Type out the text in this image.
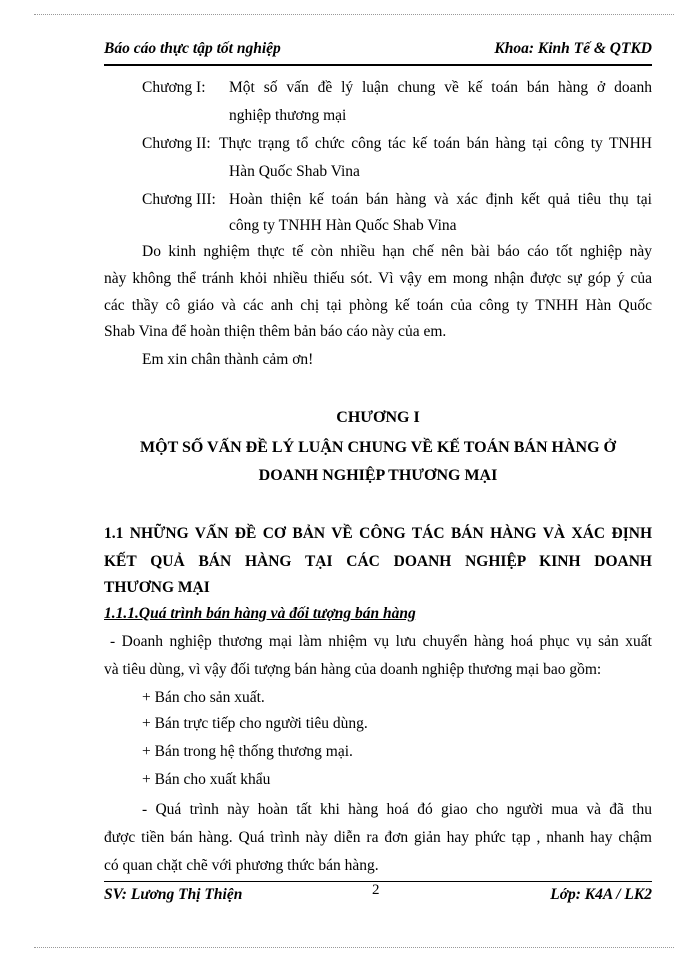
Báo cáo thực tập tốt nghiệp	Khoa: Kinh Tế & QTKD
Chương I: Một số vấn đề lý luận chung về kế toán bán hàng ở doanh
nghiệp thương mại
Chương II: Thực trạng tổ chức công tác kế toán bán hàng tại công ty TNHH
Hàn Quốc Shab Vina
Chương III: Hoàn thiện kế toán bán hàng và xác định kết quả tiêu thụ tại
công ty TNHH Hàn Quốc Shab Vina
Do kinh nghiệm thực tế còn nhiều hạn chế nên bài báo cáo tốt nghiệp này
này không thể tránh khỏi nhiều thiếu sót. Vì vậy em mong nhận được sự góp ý của
các thầy cô giáo và các anh chị tại phòng kế toán của công ty TNHH Hàn Quốc
Shab Vina để hoàn thiện thêm bản báo cáo này của em.
Em xin chân thành cảm ơn!
CHƯƠNG I
MỘT SỐ VẤN ĐỀ LÝ LUẬN CHUNG VỀ KẾ TOÁN BÁN HÀNG Ở
DOANH NGHIỆP THƯƠNG MẠI
1.1 NHỮNG VẤN ĐỀ CƠ BẢN VỀ CÔNG TÁC BÁN HÀNG VÀ XÁC ĐỊNH
KẾT QUẢ BÁN HÀNG TẠI CÁC DOANH NGHIỆP KINH DOANH
THƯƠNG MẠI
1.1.1.Quá trình bán hàng và đối tượng bán hàng
- Doanh nghiệp thương mại làm nhiệm vụ lưu chuyển hàng hoá phục vụ sản xuất
và tiêu dùng, vì vậy đối tượng bán hàng của doanh nghiệp thương mại bao gồm:
+ Bán cho sản xuất.
+ Bán trực tiếp cho người tiêu dùng.
+ Bán trong hệ thống thương mại.
+ Bán cho xuất khẩu
- Quá trình này hoàn tất khi hàng hoá đó giao cho người mua và đã thu
được tiền bán hàng. Quá trình này diễn ra đơn giản hay phức tạp , nhanh hay chậm
có quan chặt chẽ với phương thức bán hàng.
SV: Lương Thị Thiện	2	Lớp: K4A / LK2
